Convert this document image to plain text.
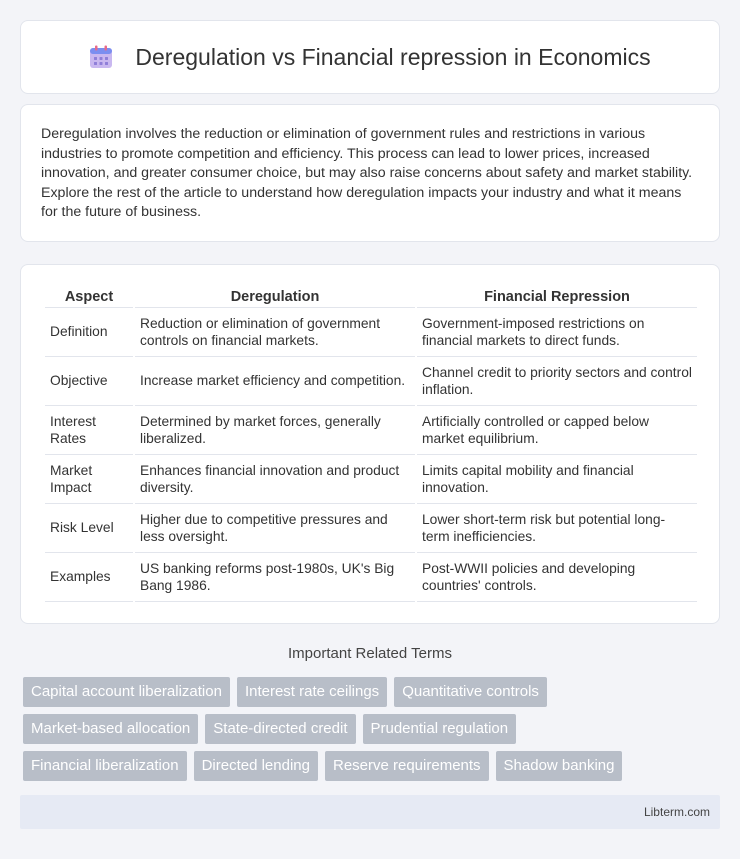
Deregulation vs Financial repression in Economics

Deregulation involves the reduction or elimination of government rules and restrictions in various industries to promote competition and efficiency. This process can lead to lower prices, increased innovation, and greater consumer choice, but may also raise concerns about safety and market stability. Explore the rest of the article to understand how deregulation impacts your industry and what it means for the future of business.

Aspect	Deregulation	Financial Repression
Definition	Reduction or elimination of government controls on financial markets.	Government-imposed restrictions on financial markets to direct funds.
Objective	Increase market efficiency and competition.	Channel credit to priority sectors and control inflation.
Interest Rates	Determined by market forces, generally liberalized.	Artificially controlled or capped below market equilibrium.
Market Impact	Enhances financial innovation and product diversity.	Limits capital mobility and financial innovation.
Risk Level	Higher due to competitive pressures and less oversight.	Lower short-term risk but potential long-term inefficiencies.
Examples	US banking reforms post-1980s, UK's Big Bang 1986.	Post-WWII policies and developing countries' controls.
Important Related Terms
Capital account liberalization	Interest rate ceilings	Quantitative controls
Market-based allocation	State-directed credit	Prudential regulation
Financial liberalization	Directed lending	Reserve requirements	Shadow banking
Libterm.com
